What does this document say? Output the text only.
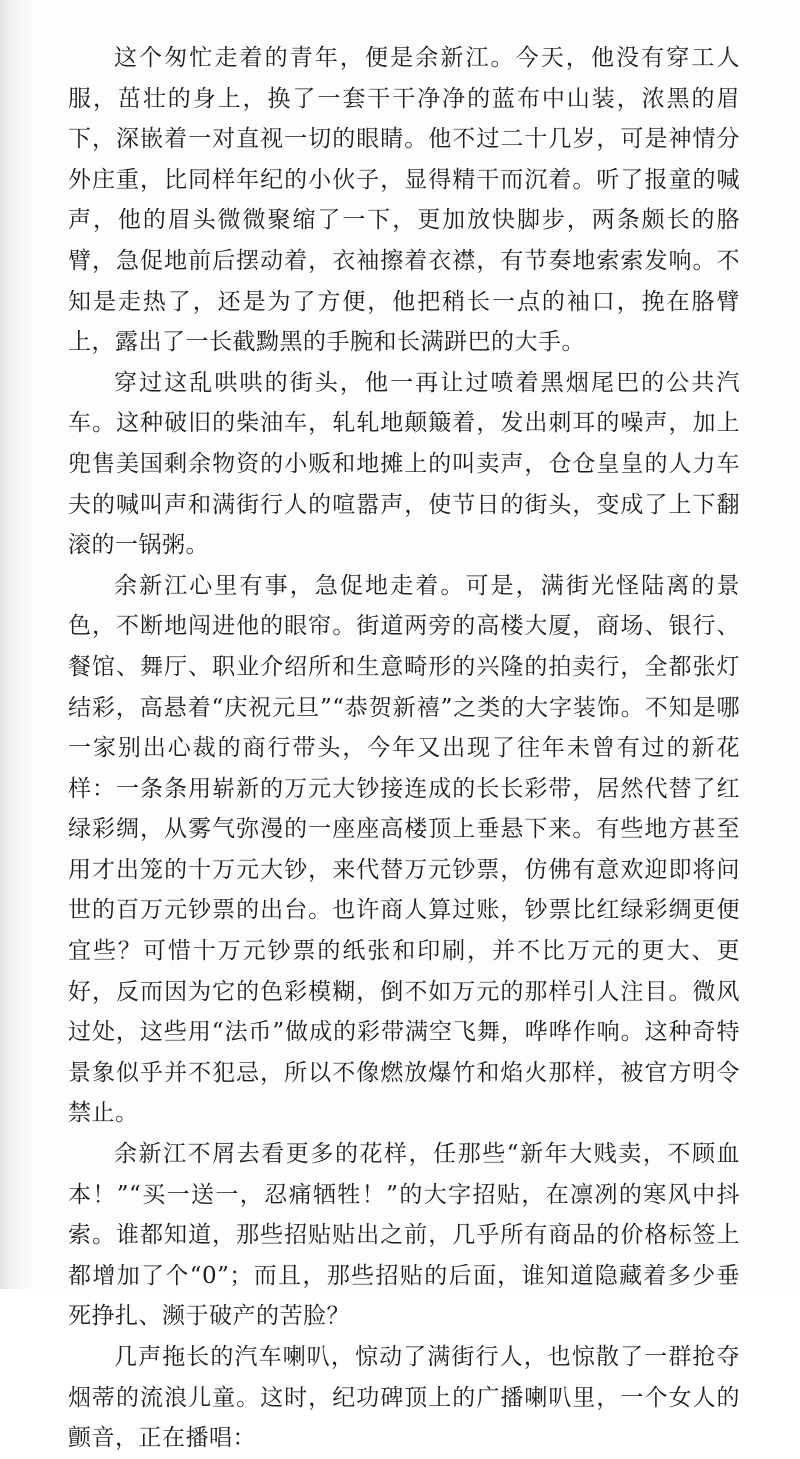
这个匆忙走着的青年，便是余新江。今天，他没有穿工人服，茁壮的身上，换了一套干干净净的蓝布中山装，浓黑的眉下，深嵌着一对直视一切的眼睛。他不过二十几岁，可是神情分外庄重，比同样年纪的小伙子，显得精干而沉着。听了报童的喊声，他的眉头微微聚缩了一下，更加放快脚步，两条颇长的胳臂，急促地前后摆动着，衣袖擦着衣襟，有节奏地索索发响。不知是走热了，还是为了方便，他把稍长一点的袖口，挽在胳臂上，露出了一长截黝黑的手腕和长满跰巴的大手。

穿过这乱哄哄的街头，他一再让过喷着黑烟尾巴的公共汽车。这种破旧的柴油车，轧轧地颠簸着，发出刺耳的噪声，加上兜售美国剩余物资的小贩和地摊上的叫卖声，仓仓皇皇的人力车夫的喊叫声和满街行人的喧嚣声，使节日的街头，变成了上下翻滚的一锅粥。

余新江心里有事，急促地走着。可是，满街光怪陆离的景色，不断地闯进他的眼帘。街道两旁的高楼大厦，商场、银行、餐馆、舞厅、职业介绍所和生意畸形的兴隆的拍卖行，全都张灯结彩，高悬着“庆祝元旦”“恭贺新禧”之类的大字装饰。不知是哪一家别出心裁的商行带头，今年又出现了往年未曾有过的新花样：一条条用崭新的万元大钞接连成的长长彩带，居然代替了红绿彩绸，从雾气弥漫的一座座高楼顶上垂悬下来。有些地方甚至用才出笼的十万元大钞，来代替万元钞票，仿佛有意欢迎即将问世的百万元钞票的出台。也许商人算过账，钞票比红绿彩绸更便宜些？可惜十万元钞票的纸张和印刷，并不比万元的更大、更好，反而因为它的色彩模糊，倒不如万元的那样引人注目。微风过处，这些用“法币”做成的彩带满空飞舞，哗哗作响。这种奇特景象似乎并不犯忌，所以不像燃放爆竹和焰火那样，被官方明令禁止。

余新江不屑去看更多的花样，任那些“新年大贱卖，不顾血本！”“买一送一，忍痛牺牲！”的大字招贴，在凛冽的寒风中抖索。谁都知道，那些招贴贴出之前，几乎所有商品的价格标签上都增加了个“0”；而且，那些招贴的后面，谁知道隐藏着多少垂死挣扎、濒于破产的苦脸？

几声拖长的汽车喇叭，惊动了满街行人，也惊散了一群抢夺烟蒂的流浪儿童。这时，纪功碑顶上的广播喇叭里，一个女人的颤音，正在播唱：
